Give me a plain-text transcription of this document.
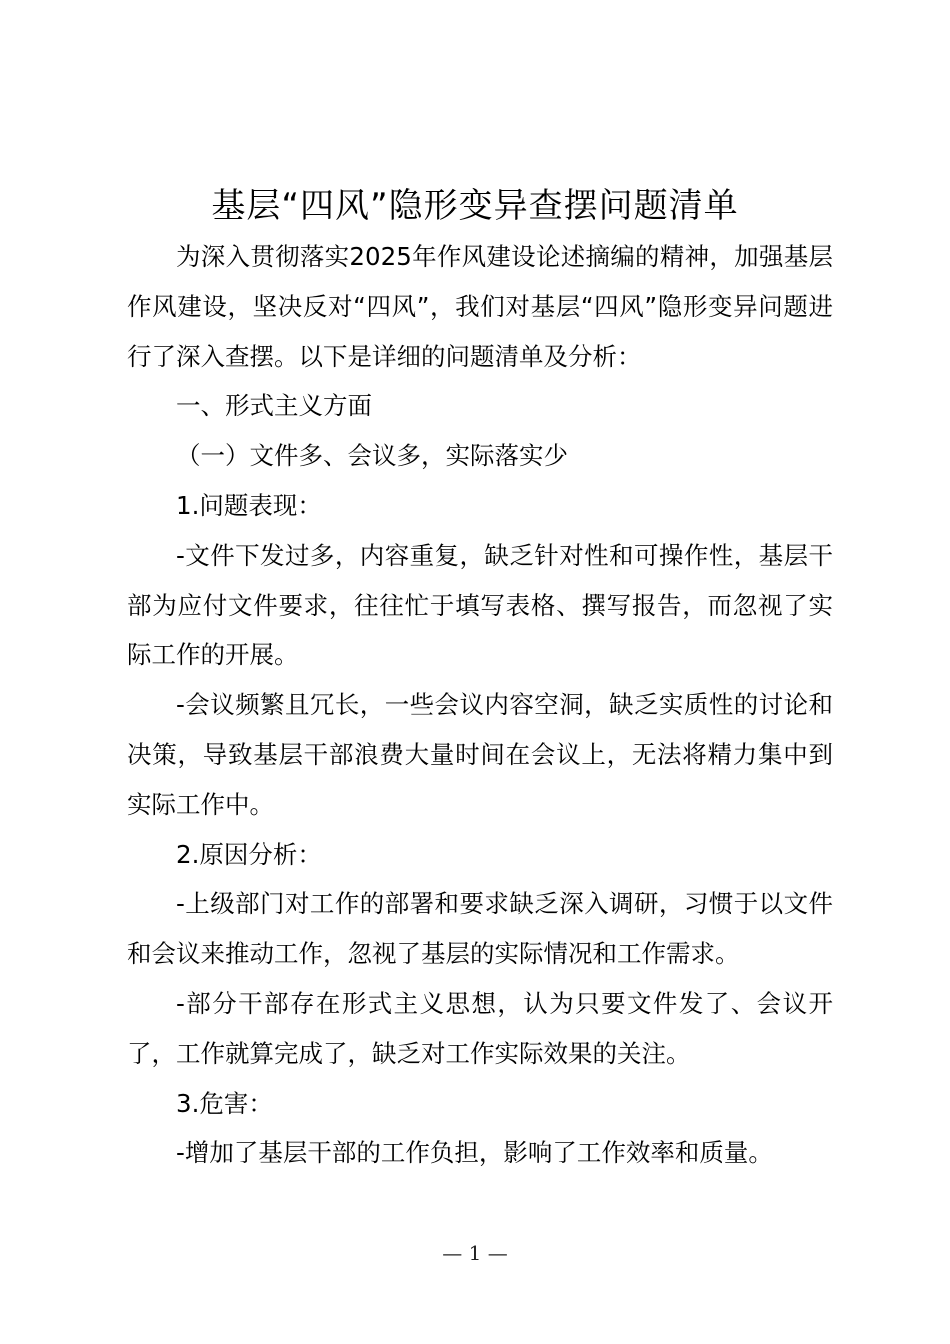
基层“四风”隐形变异查摆问题清单

为深入贯彻落实2025年作风建设论述摘编的精神，加强基层作风建设，坚决反对“四风”，我们对基层“四风”隐形变异问题进行了深入查摆。以下是详细的问题清单及分析：

一、形式主义方面

（一）文件多、会议多，实际落实少

1.问题表现：

-文件下发过多，内容重复，缺乏针对性和可操作性，基层干部为应付文件要求，往往忙于填写表格、撰写报告，而忽视了实际工作的开展。

-会议频繁且冗长，一些会议内容空洞，缺乏实质性的讨论和决策，导致基层干部浪费大量时间在会议上，无法将精力集中到实际工作中。

2.原因分析：

-上级部门对工作的部署和要求缺乏深入调研，习惯于以文件和会议来推动工作，忽视了基层的实际情况和工作需求。

-部分干部存在形式主义思想，认为只要文件发了、会议开了，工作就算完成了，缺乏对工作实际效果的关注。

3.危害：

-增加了基层干部的工作负担，影响了工作效率和质量。

— 1 —
